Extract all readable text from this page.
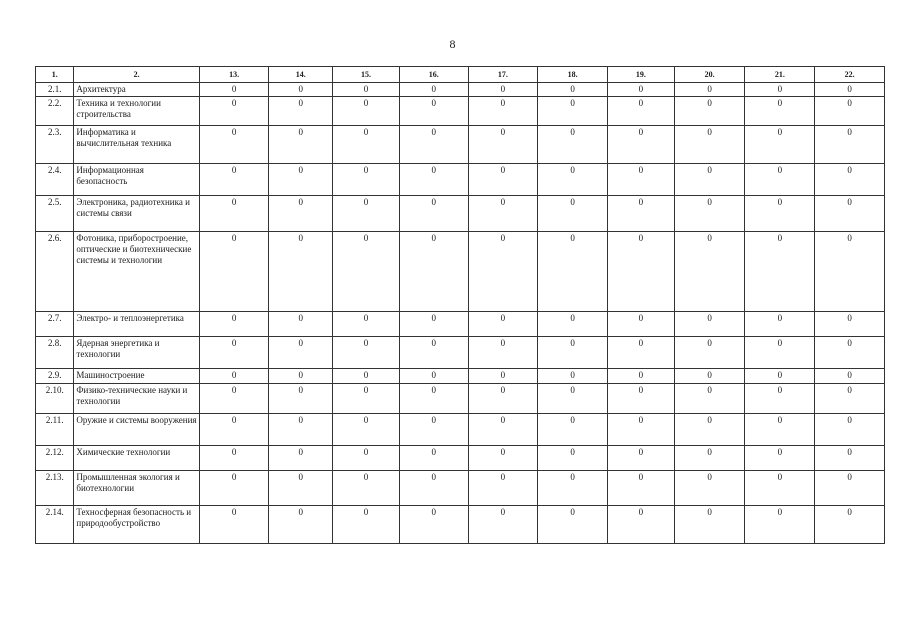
8
1.	2.	13.	14.	15.	16.	17.	18.	19.	20.	21.	22.
2.1.	Архитектура	0	0	0	0	0	0	0	0	0	0
2.2.	Техника и технологии строительства	0	0	0	0	0	0	0	0	0	0
2.3.	Информатика и вычислительная техника	0	0	0	0	0	0	0	0	0	0
2.4.	Информационная безопасность	0	0	0	0	0	0	0	0	0	0
2.5.	Электроника, радиотехника и системы связи	0	0	0	0	0	0	0	0	0	0
2.6.	Фотоника, приборостроение, оптические и биотехнические системы и технологии	0	0	0	0	0	0	0	0	0	0
2.7.	Электро- и теплоэнергетика	0	0	0	0	0	0	0	0	0	0
2.8.	Ядерная энергетика и технологии	0	0	0	0	0	0	0	0	0	0
2.9.	Машиностроение	0	0	0	0	0	0	0	0	0	0
2.10.	Физико-технические науки и технологии	0	0	0	0	0	0	0	0	0	0
2.11.	Оружие и системы вооружения	0	0	0	0	0	0	0	0	0	0
2.12.	Химические технологии	0	0	0	0	0	0	0	0	0	0
2.13.	Промышленная экология и биотехнологии	0	0	0	0	0	0	0	0	0	0
2.14.	Техносферная безопасность и природообустройство	0	0	0	0	0	0	0	0	0	0
